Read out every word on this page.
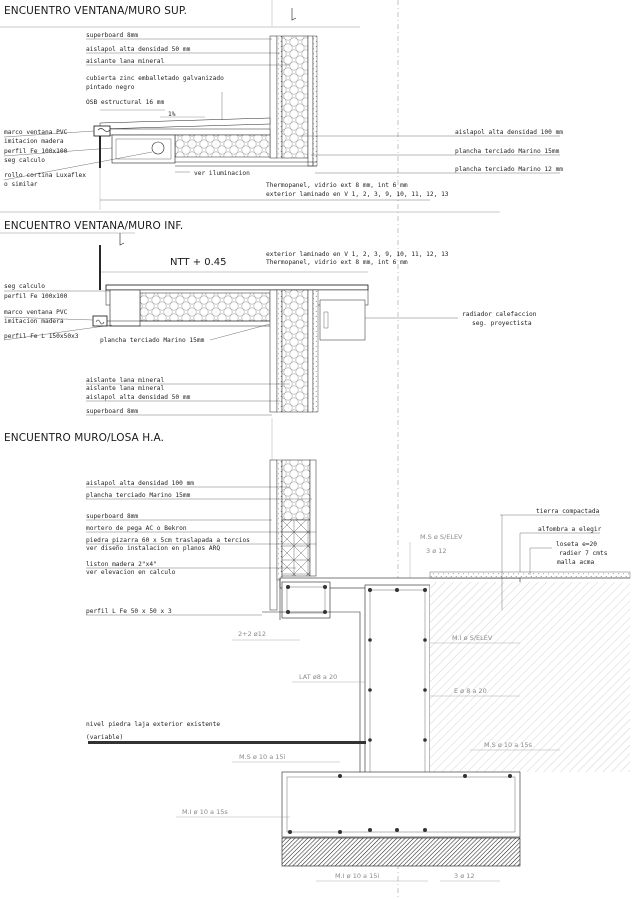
ENCUENTRO VENTANA/MURO SUP.
1%
superboard 8mm
aislapol alta densidad 50 mm
aislante lana mineral
cubierta zinc emballetado galvanizado
pintado negro
OSB estructural 16 mm
marco ventana PVC
imitacion madera
perfil Fe 100x100
seg calculo
rollo cortina Luxaflex
o similar
ver iluminacion
aislapol alta densidad 100 mm
plancha terciado Marino 15mm
plancha terciado Marino 12 mm
Thermopanel, vidrio ext 8 mm, int 6 mm
exterior laminado en V 1, 2, 3, 9, 10, 11, 12, 13
ENCUENTRO VENTANA/MURO INF.
NTT + 0.45
exterior laminado en V 1, 2, 3, 9, 10, 11, 12, 13
Thermopanel, vidrio ext 8 mm, int 6 mm
seg calculo
perfil Fe 100x100
marco ventana PVC
imitacion madera
perfil Fe L 150x50x3
plancha terciado Marino 15mm
aislante lana mineral
aislante lana mineral
aislapol alta densidad 50 mm
superboard 8mm
radiador calefaccion
seg. proyectista
ENCUENTRO MURO/LOSA H.A.
aislapol alta densidad 100 mm
plancha terciado Marino 15mm
superboard 8mm
mortero de pega AC o Bekron
piedra pizarra 60 x 5cm traslapada a tercios
ver diseño instalacion en planos ARQ
liston madera 2"x4"
ver elevacion en calculo
perfil L Fe 50 x 50 x 3
nivel piedra laja exterior existente
(variable)
tierra compactada
alfombra a elegir
loseta e=20
radier 7 cmts
malla acma
M.S ø S/ELEV
3 ø 12
2+2 ø12	M.I ø S/ELEV
LAT ø8 a 20
E ø 8 a 20
M.S ø 10 a 15s
M.S ø 10 a 15i
M.I ø 10 a 15s
M.I ø 10 a 15i	3 ø 12
